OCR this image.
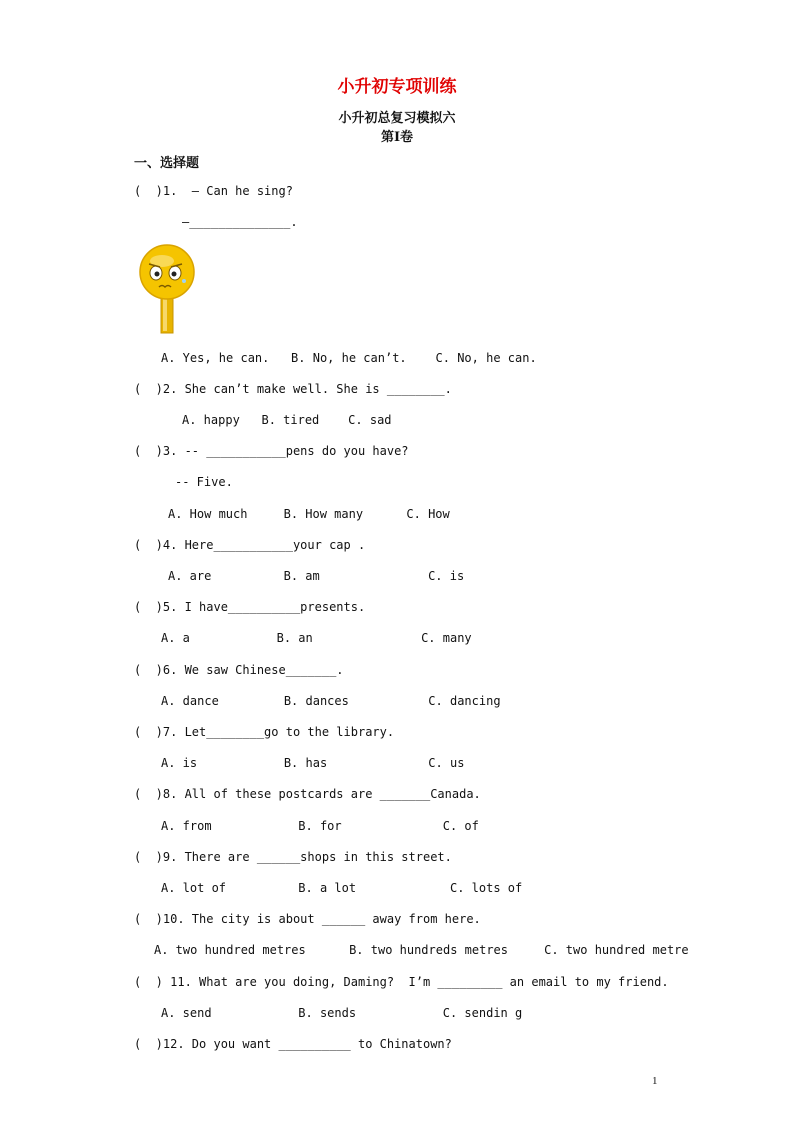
小升初专项训练
小升初总复习模拟六
第Ⅰ卷
一、选择题
(  )1.  — Can he sing?
—______________.
A. Yes, he can.   B. No, he can’t.    C. No, he can.
(  )2. She can’t make well. She is ________.
A. happy   B. tired    C. sad
(  )3. -- ___________pens do you have?
-- Five.
A. How much     B. How many      C. How
(  )4. Here___________your cap .
A. are          B. am               C. is
(  )5. I have__________presents.
A. a            B. an               C. many
(  )6. We saw Chinese_______.
A. dance         B. dances           C. dancing
(  )7. Let________go to the library.
A. is            B. has              C. us
(  )8. All of these postcards are _______Canada.
A. from            B. for              C. of
(  )9. There are ______shops in this street.
A. lot of          B. a lot             C. lots of
(  )10. The city is about ______ away from here.
A. two hundred metres      B. two hundreds metres     C. two hundred metre
(  ) 11. What are you doing, Daming?  I’m _________ an email to my friend.
A. send            B. sends            C. sendin g
(  )12. Do you want __________ to Chinatown?
1
